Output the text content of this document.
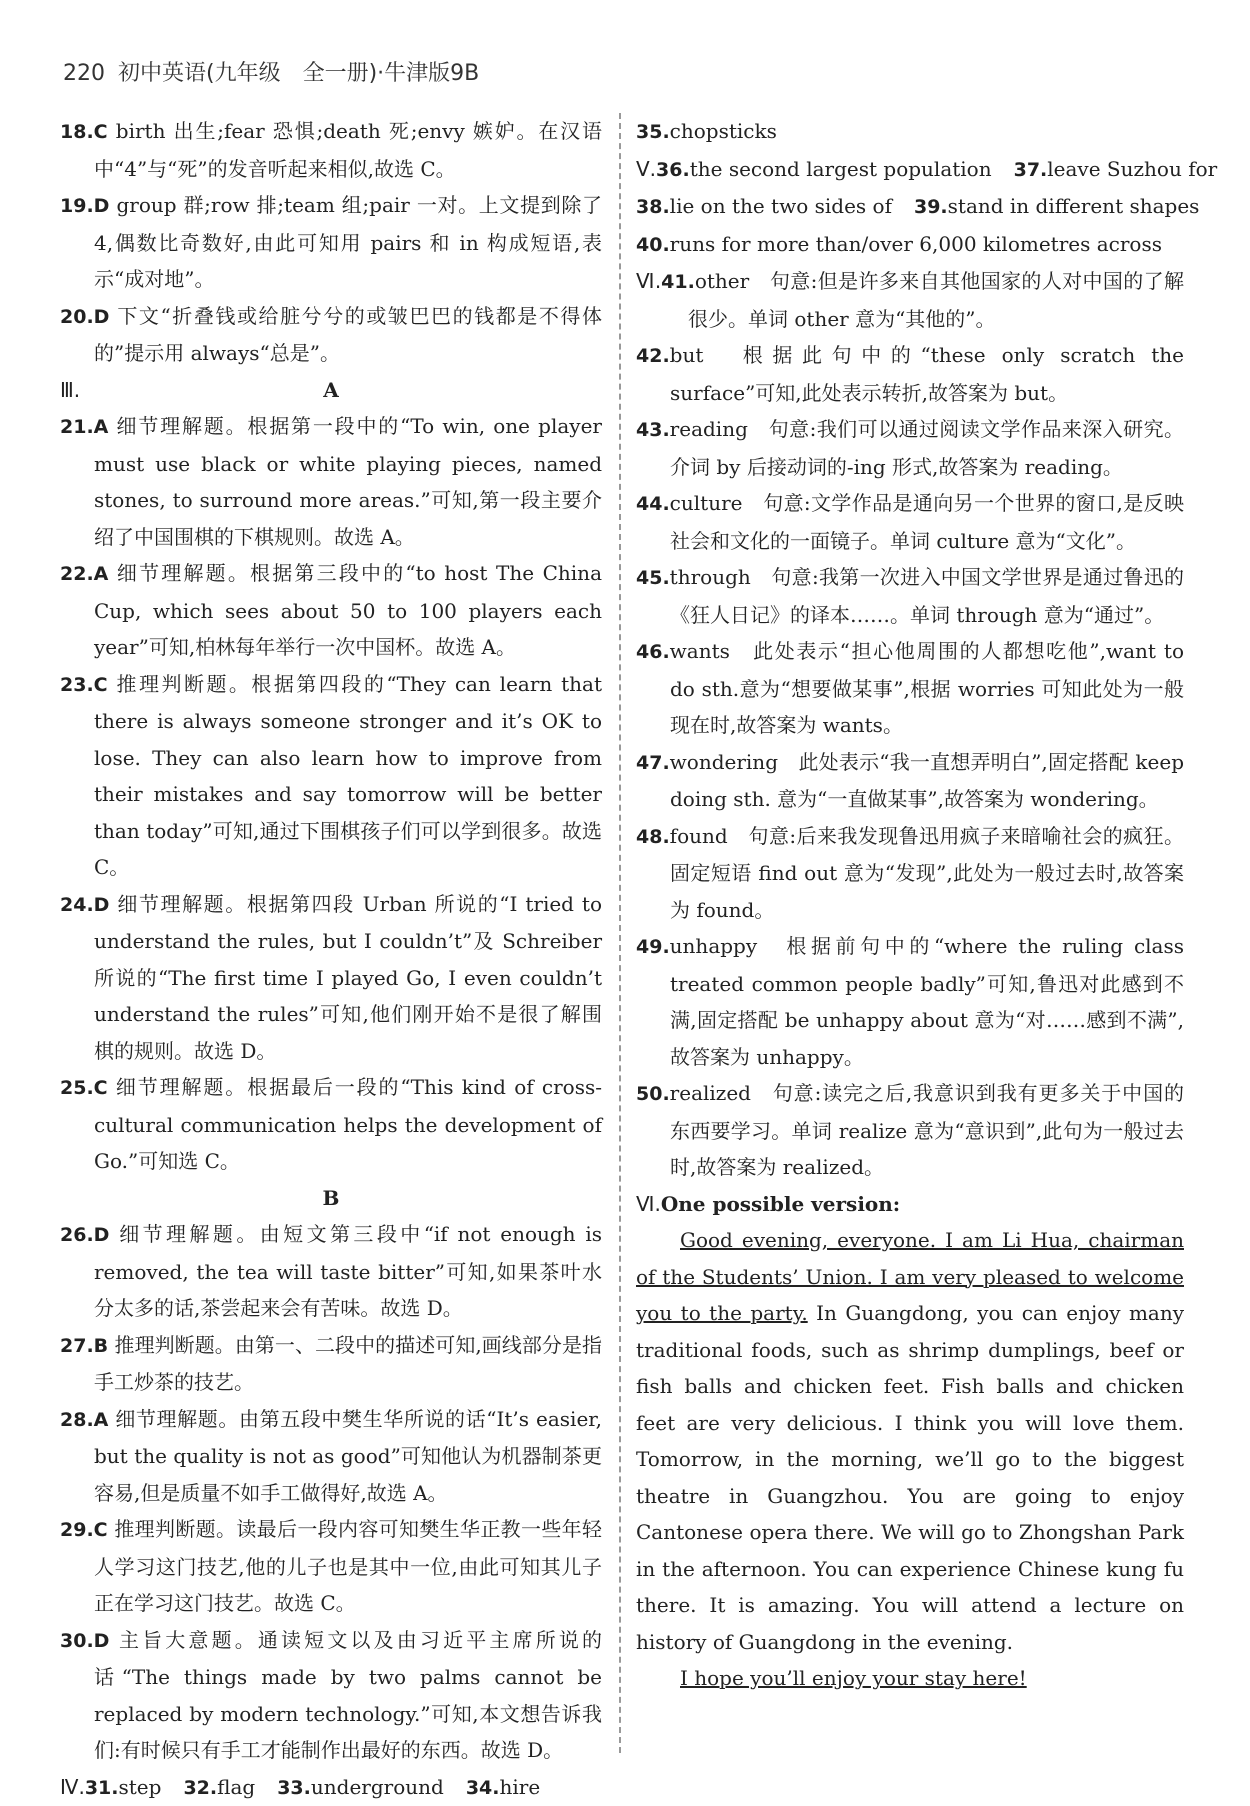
220 初中英语(九年级　全一册)·牛津版9B
18.C birth 出生;fear 恐惧;death 死;envy 嫉妒。在汉语中“4”与“死”的发音听起来相似,故选 C。
19.D group 群;row 排;team 组;pair 一对。上文提到除了4,偶数比奇数好,由此可知用 pairs 和 in 构成短语,表示“成对地”。
20.D 下文“折叠钱或给脏兮兮的或皱巴巴的钱都是不得体的”提示用 always“总是”。
Ⅲ.	A
21.A 细节理解题。根据第一段中的“To win, one player must use black or white playing pieces, named stones, to surround more areas.”可知,第一段主要介绍了中国围棋的下棋规则。故选 A。
22.A 细节理解题。根据第三段中的“to host The China Cup, which sees about 50 to 100 players each year”可知,柏林每年举行一次中国杯。故选 A。
23.C 推理判断题。根据第四段的“They can learn that there is always someone stronger and it’s OK to lose. They can also learn how to improve from their mistakes and say tomorrow will be better than today”可知,通过下围棋孩子们可以学到很多。故选 C。
24.D 细节理解题。根据第四段 Urban 所说的“I tried to understand the rules, but I couldn’t”及 Schreiber 所说的“The first time I played Go, I even couldn’t understand the rules”可知,他们刚开始不是很了解围棋的规则。故选 D。
25.C 细节理解题。根据最后一段的“This kind of cross-cultural communication helps the development of Go.”可知选 C。
B
26.D 细节理解题。由短文第三段中“if not enough is removed, the tea will taste bitter”可知,如果茶叶水分太多的话,茶尝起来会有苦味。故选 D。
27.B 推理判断题。由第一、二段中的描述可知,画线部分是指手工炒茶的技艺。
28.A 细节理解题。由第五段中樊生华所说的话“It’s easier, but the quality is not as good”可知他认为机器制茶更容易,但是质量不如手工做得好,故选 A。
29.C 推理判断题。读最后一段内容可知樊生华正教一些年轻人学习这门技艺,他的儿子也是其中一位,由此可知其儿子正在学习这门技艺。故选 C。
30.D 主旨大意题。通读短文以及由习近平主席所说的话“The things made by two palms cannot be replaced by modern technology.”可知,本文想告诉我们:有时候只有手工才能制作出最好的东西。故选 D。
Ⅳ.31.step 32.flag 33.underground 34.hire
35.chopsticks
Ⅴ.36.the second largest population 37.leave Suzhou for
38.lie on the two sides of 39.stand in different shapes
40.runs for more than/over 6,000 kilometres across
Ⅵ.41.other　 句意:但是许多来自其他国家的人对中国的了解很少。单词 other 意为“其他的”。
42.but　 根据此句中的“these only scratch the surface”可知,此处表示转折,故答案为 but。
43.reading　 句意:我们可以通过阅读文学作品来深入研究。介词 by 后接动词的-ing 形式,故答案为 reading。
44.culture　 句意:文学作品是通向另一个世界的窗口,是反映社会和文化的一面镜子。单词 culture 意为“文化”。
45.through　 句意:我第一次进入中国文学世界是通过鲁迅的《狂人日记》的译本……。单词 through 意为“通过”。
46.wants　 此处表示“担心他周围的人都想吃他”,want to do sth.意为“想要做某事”,根据 worries 可知此处为一般现在时,故答案为 wants。
47.wondering　 此处表示“我一直想弄明白”,固定搭配 keep doing sth. 意为“一直做某事”,故答案为 wondering。
48.found　 句意:后来我发现鲁迅用疯子来暗喻社会的疯狂。固定短语 find out 意为“发现”,此处为一般过去时,故答案为 found。
49.unhappy　 根据前句中的“where the ruling class treated common people badly”可知,鲁迅对此感到不满,固定搭配 be unhappy about 意为“对……感到不满”,故答案为 unhappy。
50.realized　 句意:读完之后,我意识到我有更多关于中国的东西要学习。单词 realize 意为“意识到”,此句为一般过去时,故答案为 realized。
Ⅵ.One possible version:

Good evening, everyone. I am Li Hua, chairman of the Students’ Union. I am very pleased to welcome you to the party. In Guangdong, you can enjoy many traditional foods, such as shrimp dumplings, beef or fish balls and chicken feet. Fish balls and chicken feet are very delicious. I think you will love them. Tomorrow, in the morning, we’ll go to the biggest theatre in Guangzhou. You are going to enjoy Cantonese opera there. We will go to Zhongshan Park in the afternoon. You can experience Chinese kung fu there. It is amazing. You will attend a lecture on history of Guangdong in the evening.

I hope you’ll enjoy your stay here!
